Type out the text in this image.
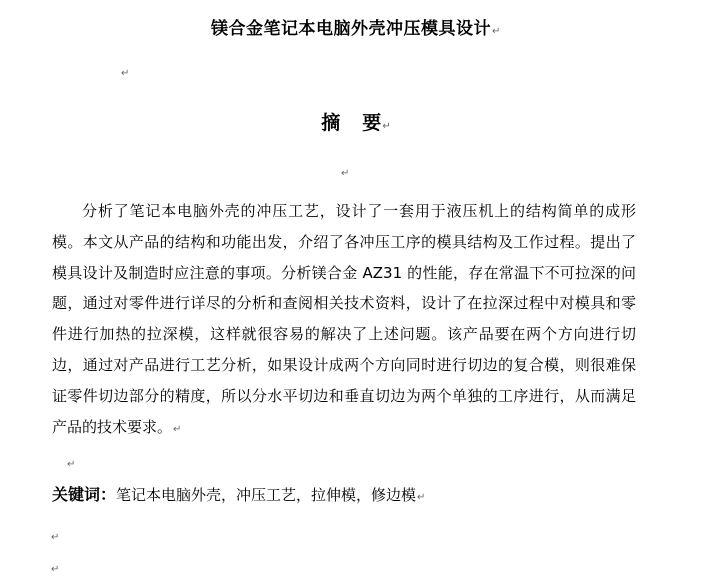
镁合金笔记本电脑外壳冲压模具设计↵
↵
摘 要↵
↵

分析了笔记本电脑外壳的冲压工艺，设计了一套用于液压机上的结构简单的成形模。本文从产品的结构和功能出发，介绍了各冲压工序的模具结构及工作过程。提出了模具设计及制造时应注意的事项。分析镁合金 AZ31 的性能，存在常温下不可拉深的问题，通过对零件进行详尽的分析和查阅相关技术资料，设计了在拉深过程中对模具和零件进行加热的拉深模，这样就很容易的解决了上述问题。该产品要在两个方向进行切边，通过对产品进行工艺分析，如果设计成两个方向同时进行切边的复合模，则很难保证零件切边部分的精度，所以分水平切边和垂直切边为两个单独的工序进行，从而满足产品的技术要求。↵

↵
关键词：笔记本电脑外壳，冲压工艺，拉伸模，修边模↵
↵
↵
